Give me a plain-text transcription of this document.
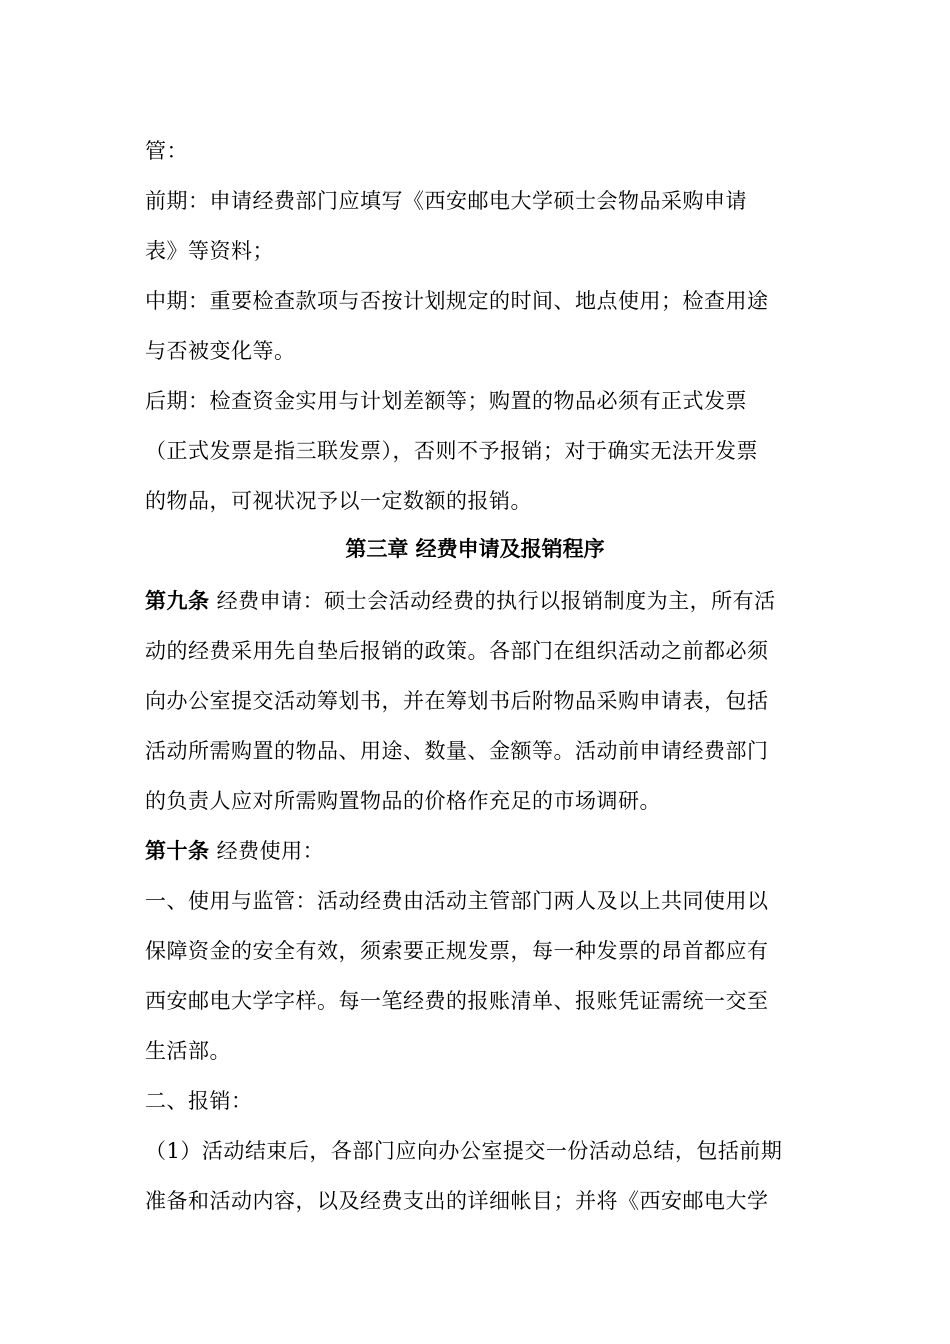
管：
前期：申请经费部门应填写《西安邮电大学硕士会物品采购申请
表》等资料；
中期：重要检查款项与否按计划规定的时间、地点使用；检查用途
与否被变化等。
后期：检查资金实用与计划差额等；购置的物品必须有正式发票
（正式发票是指三联发票），否则不予报销；对于确实无法开发票
的物品，可视状况予以一定数额的报销。
第三章 经费申请及报销程序
第九条 经费申请：硕士会活动经费的执行以报销制度为主，所有活
动的经费采用先自垫后报销的政策。各部门在组织活动之前都必须
向办公室提交活动筹划书，并在筹划书后附物品采购申请表，包括
活动所需购置的物品、用途、数量、金额等。活动前申请经费部门
的负责人应对所需购置物品的价格作充足的市场调研。
第十条 经费使用：
一、使用与监管：活动经费由活动主管部门两人及以上共同使用以
保障资金的安全有效，须索要正规发票，每一种发票的昂首都应有
西安邮电大学字样。每一笔经费的报账清单、报账凭证需统一交至
生活部。
二、报销：
（1）活动结束后，各部门应向办公室提交一份活动总结，包括前期
准备和活动内容，以及经费支出的详细帐目；并将《西安邮电大学
